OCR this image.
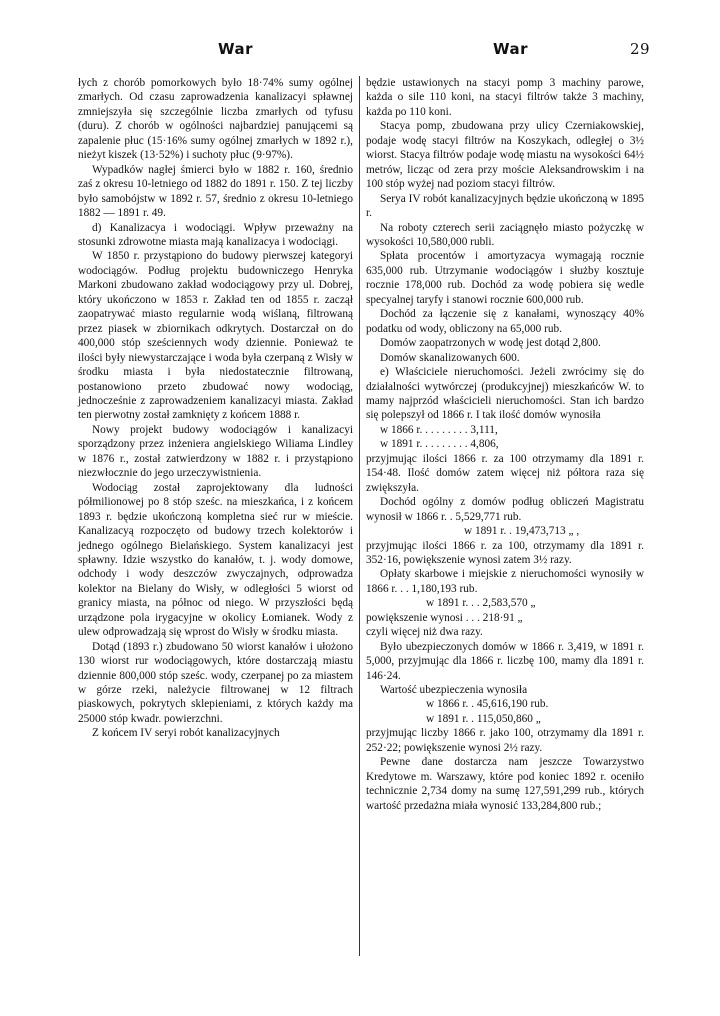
War	War	29

łych z chorób pomorkowych było 18·74% sumy ogólnej zmarłych. Od czasu zaprowadzenia kanalizacyi spławnej zmniejszyła się szczególnie liczba zmarłych od tyfusu (duru). Z chorób w ogólności najbardziej panującemi są zapalenie płuc (15·16% sumy ogólnej zmarłych w 1892 r.), nieżyt kiszek (13·52%) i suchoty płuc (9·97%).

Wypadków nagłej śmierci było w 1882 r. 160, średnio zaś z okresu 10-letniego od 1882 do 1891 r. 150. Z tej liczby było samobójstw w 1892 r. 57, średnio z okresu 10-letniego 1882 — 1891 r. 49.

d) Kanalizacya i wodociągi. Wpływ przeważny na stosunki zdrowotne miasta mają kanalizacya i wodociągi.

W 1850 r. przystąpiono do budowy pierwszej kategoryi wodociągów. Podług projektu budowniczego Henryka Markoni zbudowano zakład wodociągowy przy ul. Dobrej, który ukończono w 1853 r. Zakład ten od 1855 r. zaczął zaopatrywać miasto regularnie wodą wiślaną, filtrowaną przez piasek w zbiornikach odkrytych. Dostarczał on do 400,000 stóp sześciennych wody dziennie. Ponieważ te ilości były niewystarczające i woda była czerpaną z Wisły w środku miasta i była niedostatecznie filtrowaną, postanowiono przeto zbudować nowy wodociąg, jednocześnie z zaprowadzeniem kanalizacyi miasta. Zakład ten pierwotny został zamknięty z końcem 1888 r.

Nowy projekt budowy wodociągów i kanalizacyi sporządzony przez inżeniera angielskiego Wiliama Lindley w 1876 r., został zatwierdzony w 1882 r. i przystąpiono niezwłocznie do jego urzeczywistnienia.

Wodociąg został zaprojektowany dla ludności półmilionowej po 8 stóp sześc. na mieszkańca, i z końcem 1893 r. będzie ukończoną kompletna sieć rur w mieście. Kanalizacyą rozpoczęto od budowy trzech kolektorów i jednego ogólnego Bielańskiego. System kanalizacyi jest spławny. Idzie wszystko do kanałów, t. j. wody domowe, odchody i wody deszczów zwyczajnych, odprowadza kolektor na Bielany do Wisły, w odległości 5 wiorst od granicy miasta, na północ od niego. W przyszłości będą urządzone pola irygacyjne w okolicy Łomianek. Wody z ulew odprowadzają się wprost do Wisły w środku miasta.

Dotąd (1893 r.) zbudowano 50 wiorst kanałów i ułożono 130 wiorst rur wodociągowych, które dostarczają miastu dziennie 800,000 stóp sześc. wody, czerpanej po za miastem w górze rzeki, należycie filtrowanej w 12 filtrach piaskowych, pokrytych sklepieniami, z których każdy ma 25000 stóp kwadr. powierzchni.

Z końcem IV seryi robót kanalizacyjnych

będzie ustawionych na stacyi pomp 3 machiny parowe, każda o sile 110 koni, na stacyi filtrów także 3 machiny, każda po 110 koni.

Stacya pomp, zbudowana przy ulicy Czerniakowskiej, podaje wodę stacyi filtrów na Koszykach, odległej o 3½ wiorst. Stacya filtrów podaje wodę miastu na wysokości 64½ metrów, licząc od zera przy moście Aleksandrowskim i na 100 stóp wyżej nad poziom stacyi filtrów.

Serya IV robót kanalizacyjnych będzie ukończoną w 1895 r.

Na roboty czterech serii zaciągnęło miasto pożyczkę w wysokości 10,580,000 rubli.

Spłata procentów i amortyzacya wymagają rocznie 635,000 rub. Utrzymanie wodociągów i służby kosztuje rocznie 178,000 rub. Dochód za wodę pobiera się wedle specyalnej taryfy i stanowi rocznie 600,000 rub.

Dochód za łączenie się z kanałami, wynoszący 40% podatku od wody, obliczony na 65,000 rub.

Domów zaopatrzonych w wodę jest dotąd 2,800.

Domów skanalizowanych 600.

e) Właściciele nieruchomości. Jeżeli zwrócimy się do działalności wytwórczej (produkcyjnej) mieszkańców W. to mamy najprzód właścicieli nieruchomości. Stan ich bardzo się polepszył od 1866 r. I tak ilość domów wynosiła

w 1866 r. . . . . . . . . 3,111,

w 1891 r. . . . . . . . . 4,806,

przyjmując ilości 1866 r. za 100 otrzymamy dla 1891 r. 154·48. Ilość domów zatem więcej niż półtora raza się zwiększyła.

Dochód ogólny z domów podług obliczeń Magistratu wynosił w 1866 r. . 5,529,771 rub.

w 1891 r. . 19,473,713 „ ,

przyjmując ilości 1866 r. za 100, otrzymamy dla 1891 r. 352·16, powiększenie wynosi zatem 3½ razy.

Opłaty skarbowe i miejskie z nieruchomości wynosiły w 1866 r. . . 1,180,193 rub.

w 1891 r. . . 2,583,570 „

powiększenie wynosi . . . 218·91 „

czyli więcej niż dwa razy.

Było ubezpieczonych domów w 1866 r. 3,419, w 1891 r. 5,000, przyjmując dla 1866 r. liczbę 100, mamy dla 1891 r. 146·24.

Wartość ubezpieczenia wynosiła

w 1866 r. . 45,616,190 rub.

w 1891 r. . 115,050,860 „

przyjmując liczby 1866 r. jako 100, otrzymamy dla 1891 r. 252·22; powiększenie wynosi 2½ razy.

Pewne dane dostarcza nam jeszcze Towarzystwo Kredytowe m. Warszawy, które pod koniec 1892 r. oceniło technicznie 2,734 domy na sumę 127,591,299 rub., których wartość przedażna miała wynosić 133,284,800 rub.;
